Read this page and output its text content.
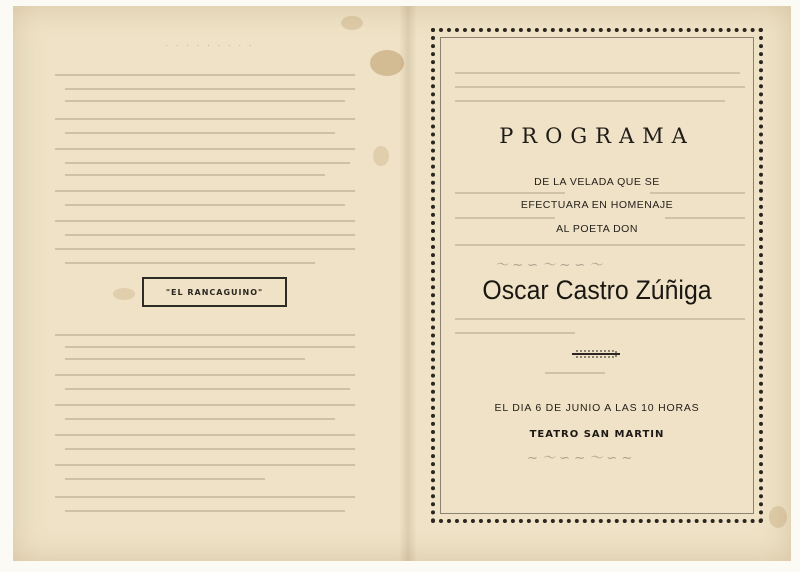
· · · · · · · · ·
"EL RANCAGUINO"
〜 ∼ ∽ 〜 ∼ ∽ 〜
∼ 〜 ∽ ∼ 〜 ∽ ∼
PROGRAMA
DE LA VELADA QUE SE
EFECTUARA EN HOMENAJE
AL POETA DON
Oscar Castro Zúñiga
EL DIA 6 DE JUNIO A LAS 10 HORAS
TEATRO SAN MARTIN
